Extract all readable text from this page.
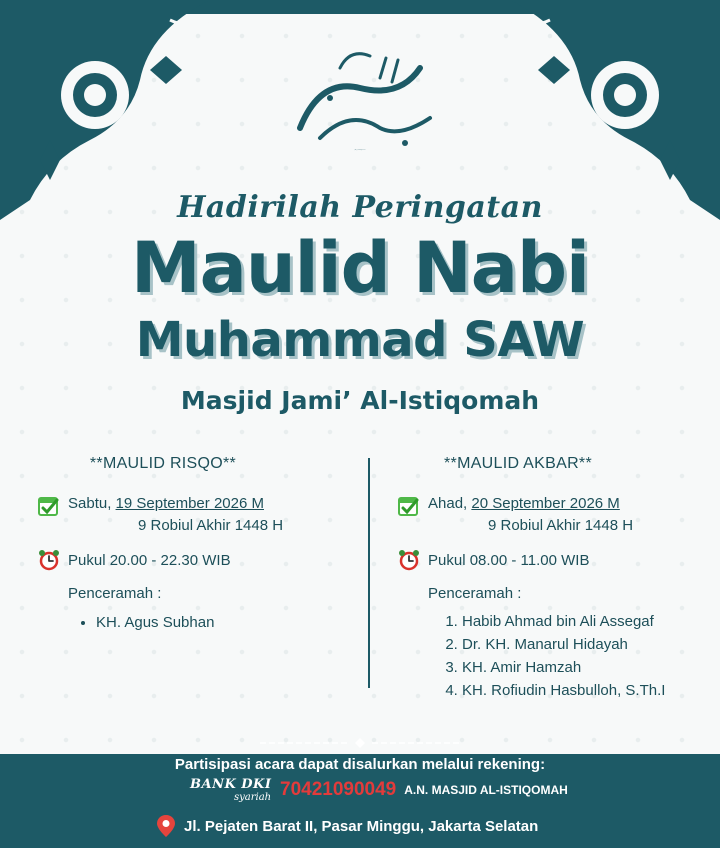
مُحَمَّد صَلَّى اللّٰهُ عَلَيْهِ وَسَلَّمَ
Hadirilah Peringatan
Maulid Nabi
Muhammad SAW
Masjid Jami’ Al-Istiqomah
**MAULID RISQO**
Sabtu, 19 September 2026 M
9 Robiul Akhir 1448 H
Pukul 20.00 - 22.30 WIB
Penceramah :
• KH. Agus Subhan
**MAULID AKBAR**
Ahad, 20 September 2026 M
9 Robiul Akhir 1448 H
Pukul 08.00 - 11.00 WIB
Penceramah :
1. Habib Ahmad bin Ali Assegaf
2. Dr. KH. Manarul Hidayah
3. KH. Amir Hamzah
4. KH. Rofiudin Hasbulloh, S.Th.I
Partisipasi acara dapat disalurkan melalui rekening:
BANK DKI
syariah 70421090049 A.N. MASJID AL-ISTIQOMAH
Jl. Pejaten Barat II, Pasar Minggu, Jakarta Selatan
